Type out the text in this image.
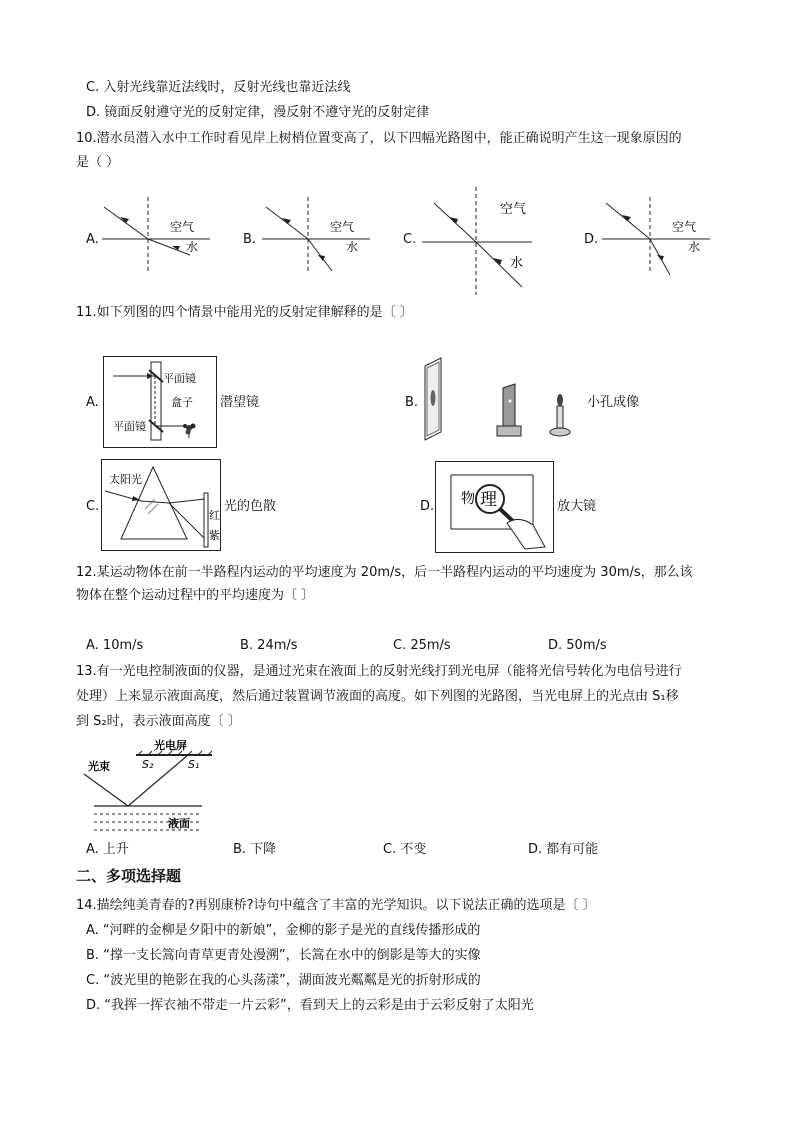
C. 入射光线靠近法线时，反射光线也靠近法线
D. 镜面反射遵守光的反射定律，漫反射不遵守光的反射定律
10.潜水员潜入水中工作时看见岸上树梢位置变高了，以下四幅光路图中，能正确说明产生这一现象原因的
是（ ）
A.
空气
水	B.
空气
水	C.
空气
水
D.
空气
水
11.如下列图的四个情景中能用光的反射定律解释的是〔 〕
A.
平面镜
盒子
平面镜
潜望镜	B.	小孔成像
C.
太阳光
红
紫
光的色散	D. 物 理	放大镜
12.某运动物体在前一半路程内运动的平均速度为 20m/s，后一半路程内运动的平均速度为 30m/s，那么该
物体在整个运动过程中的平均速度为〔 〕
A. 10m/s	B. 24m/s	C. 25m/s	D. 50m/s
13.有一光电控制液面的仪器，是通过光束在液面上的反射光线打到光电屏（能将光信号转化为电信号进行
处理）上来显示液面高度，然后通过装置调节液面的高度。如下列图的光路图，当光电屏上的光点由 S₁移
到 S₂时，表示液面高度〔 〕
光电屏
S₂	S₁
光束
液面
A. 上升	B. 下降	C. 不变	D. 都有可能
二、多项选择题
14.描绘纯美青春的?再别康桥?诗句中蕴含了丰富的光学知识。以下说法正确的选项是〔 〕
A. “河畔的金柳是夕阳中的新娘”，金柳的影子是光的直线传播形成的
B. “撑一支长篙向青草更青处漫溯”，长篙在水中的倒影是等大的实像
C. “波光里的艳影在我的心头荡漾”，湖面波光粼粼是光的折射形成的
D. “我挥一挥衣袖不带走一片云彩”，看到天上的云彩是由于云彩反射了太阳光
